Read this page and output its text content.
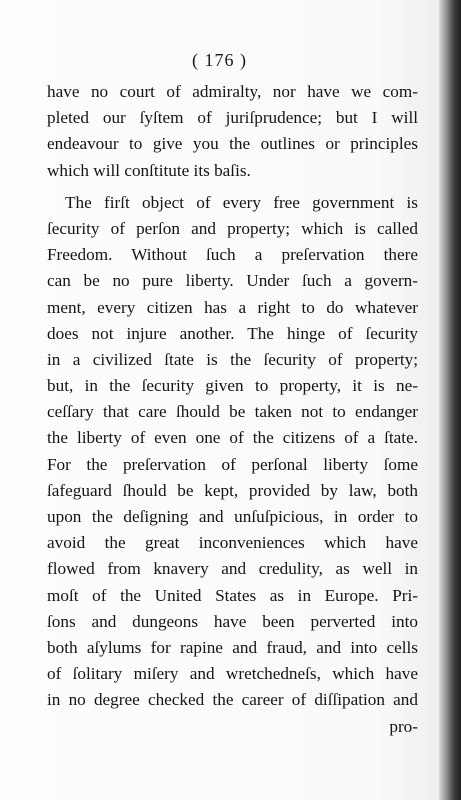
( 176 )
have no court of admiralty, nor have we com-
pleted our ſyſtem of juriſprudence; but I will
endeavour to give you the outlines or principles
which will conſtitute its baſis.
The firſt object of every free government is
ſecurity of perſon and property; which is called
Freedom. Without ſuch a preſervation there
can be no pure liberty. Under ſuch a govern-
ment, every citizen has a right to do whatever
does not injure another. The hinge of ſecurity
in a civilized ſtate is the ſecurity of property;
but, in the ſecurity given to property, it is ne-
ceſſary that care ſhould be taken not to endanger
the liberty of even one of the citizens of a ſtate.
For the preſervation of perſonal liberty ſome
ſafeguard ſhould be kept, provided by law, both
upon the deſigning and unſuſpicious, in order to
avoid the great inconveniences which have
flowed from knavery and credulity, as well in
moſt of the United States as in Europe. Pri-
ſons and dungeons have been perverted into
both aſylums for rapine and fraud, and into cells
of ſolitary miſery and wretchedneſs, which have
in no degree checked the career of diſſipation and
pro-
